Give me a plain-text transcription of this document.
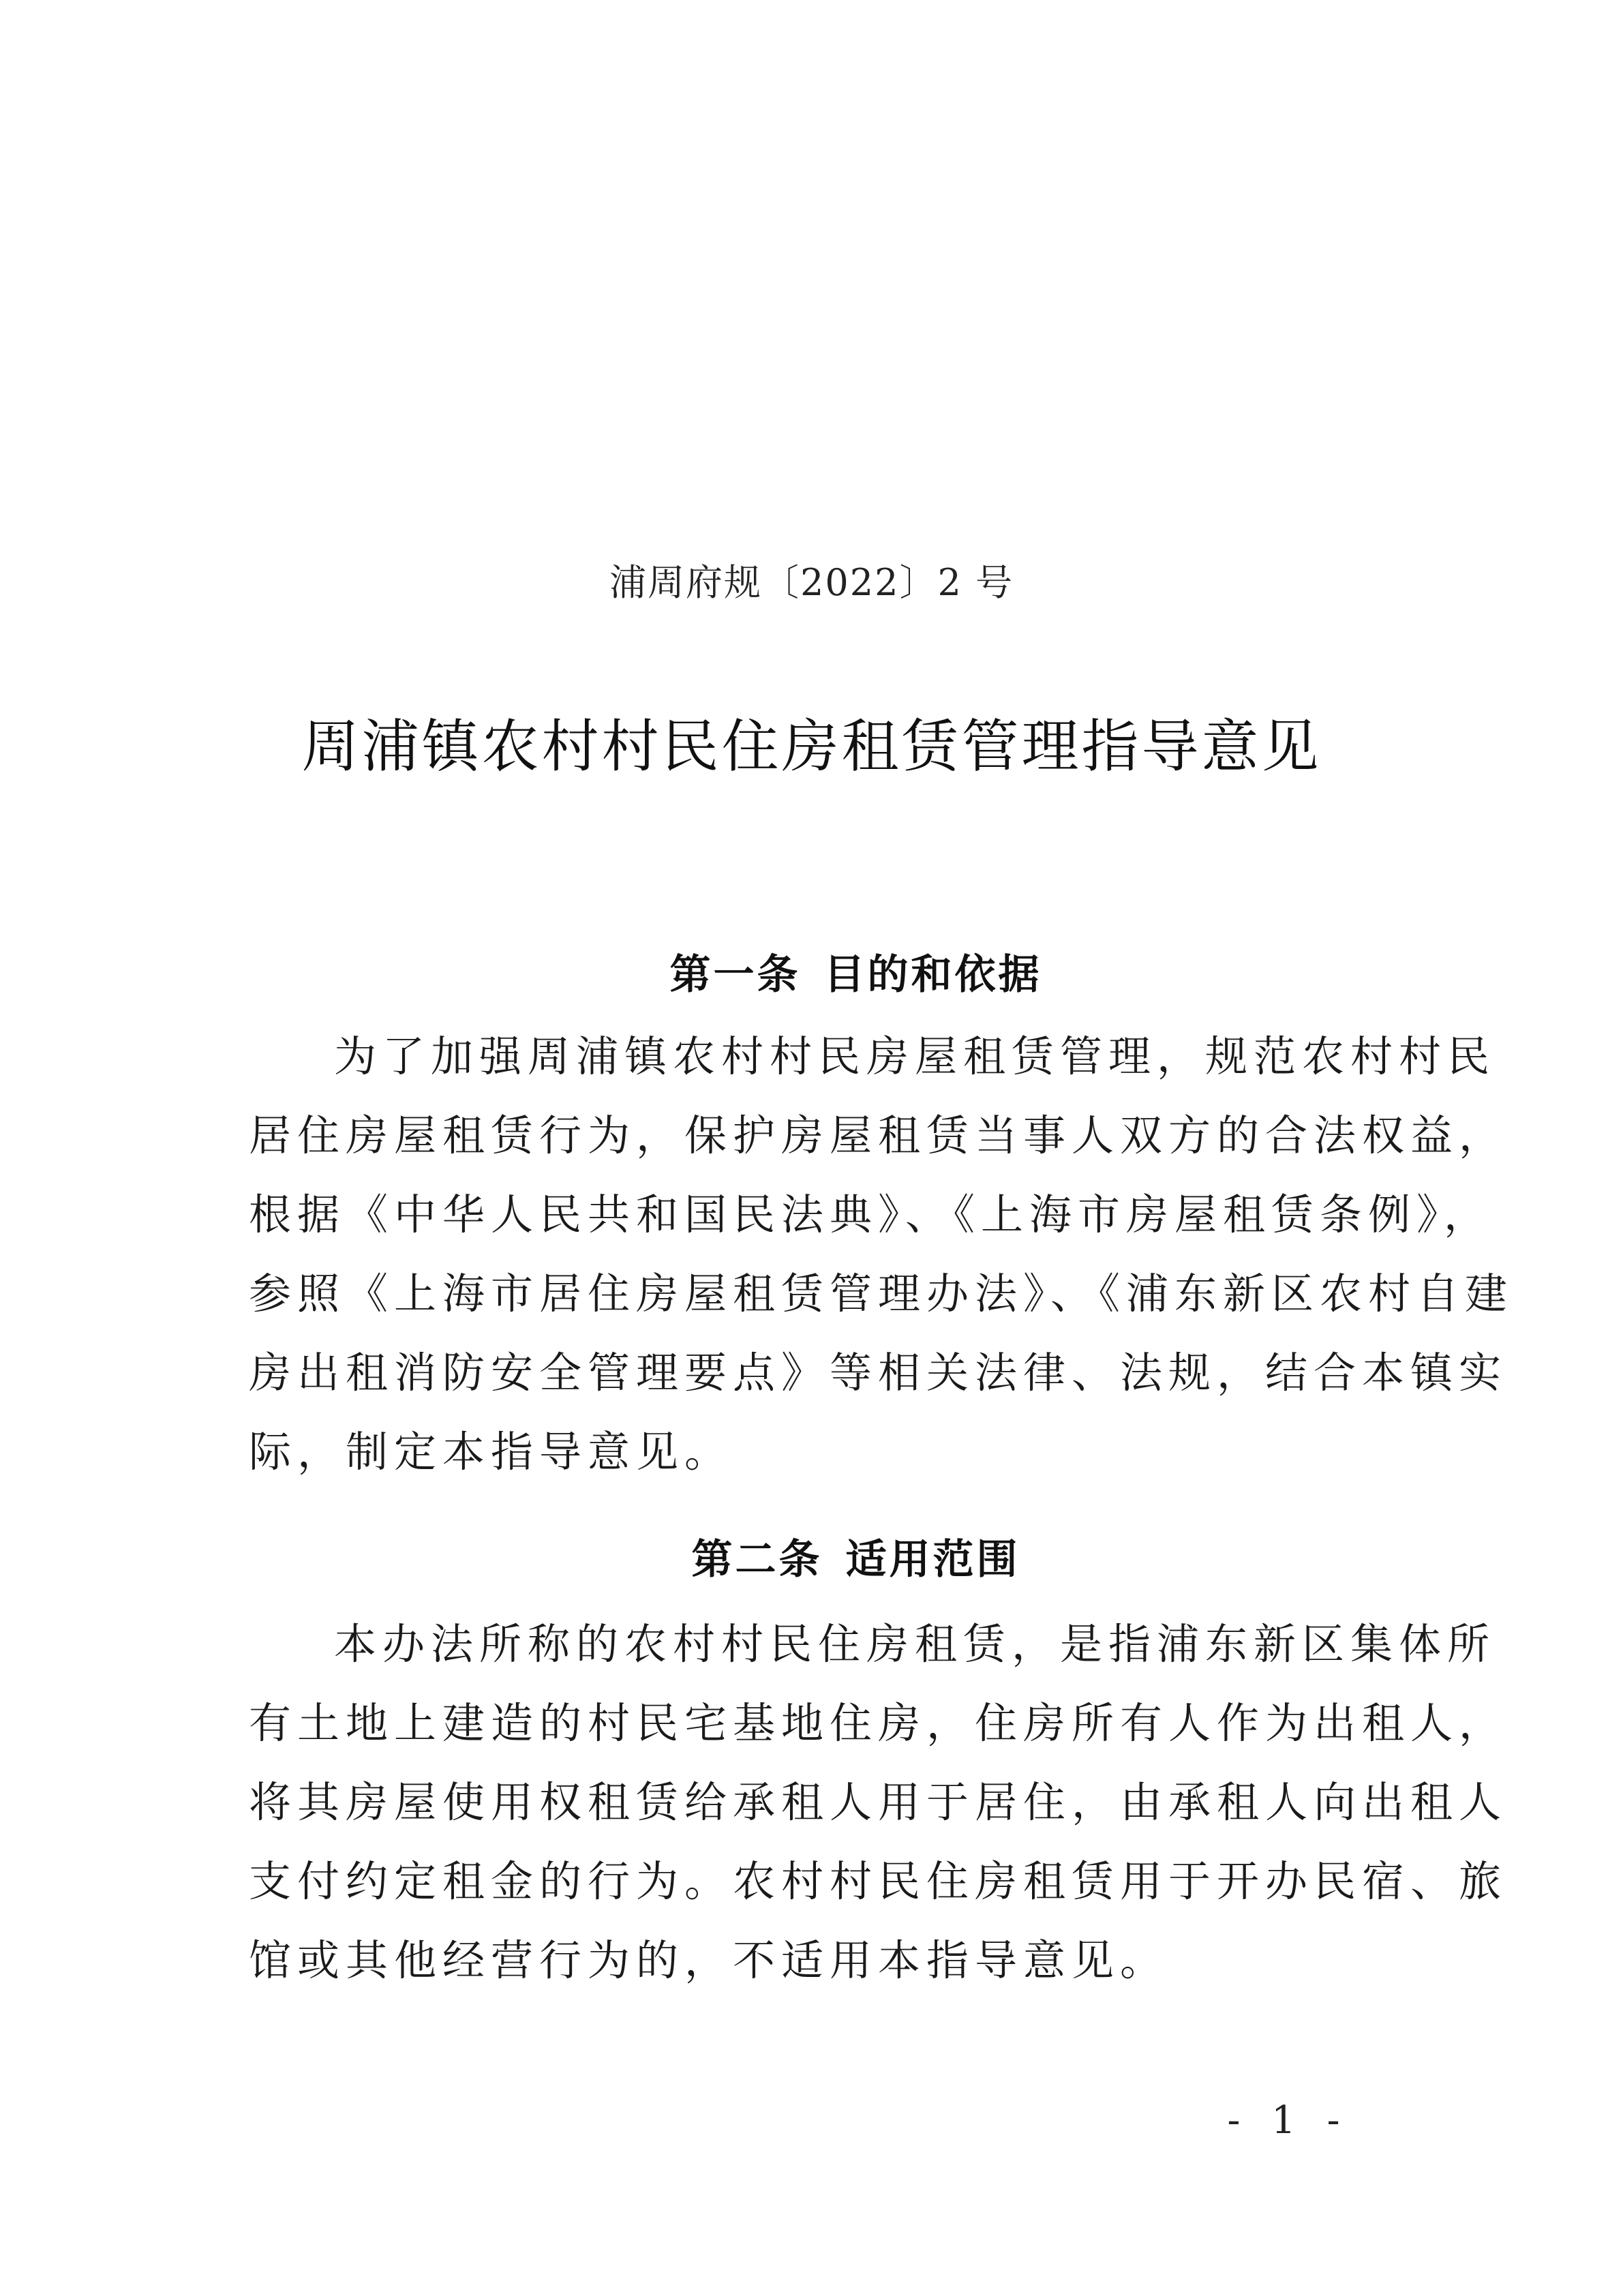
浦周府规〔2022〕2 号
周浦镇农村村民住房租赁管理指导意见
第一条 目的和依据
为了加强周浦镇农村村民房屋租赁管理，规范农村村民
居住房屋租赁行为，保护房屋租赁当事人双方的合法权益，
根据《中华人民共和国民法典》、《上海市房屋租赁条例》，
参照《上海市居住房屋租赁管理办法》、《浦东新区农村自建
房出租消防安全管理要点》等相关法律、法规，结合本镇实
际，制定本指导意见。
第二条 适用范围
本办法所称的农村村民住房租赁，是指浦东新区集体所
有土地上建造的村民宅基地住房，住房所有人作为出租人，
将其房屋使用权租赁给承租人用于居住，由承租人向出租人
支付约定租金的行为。农村村民住房租赁用于开办民宿、旅
馆或其他经营行为的，不适用本指导意见。
- 1 -
